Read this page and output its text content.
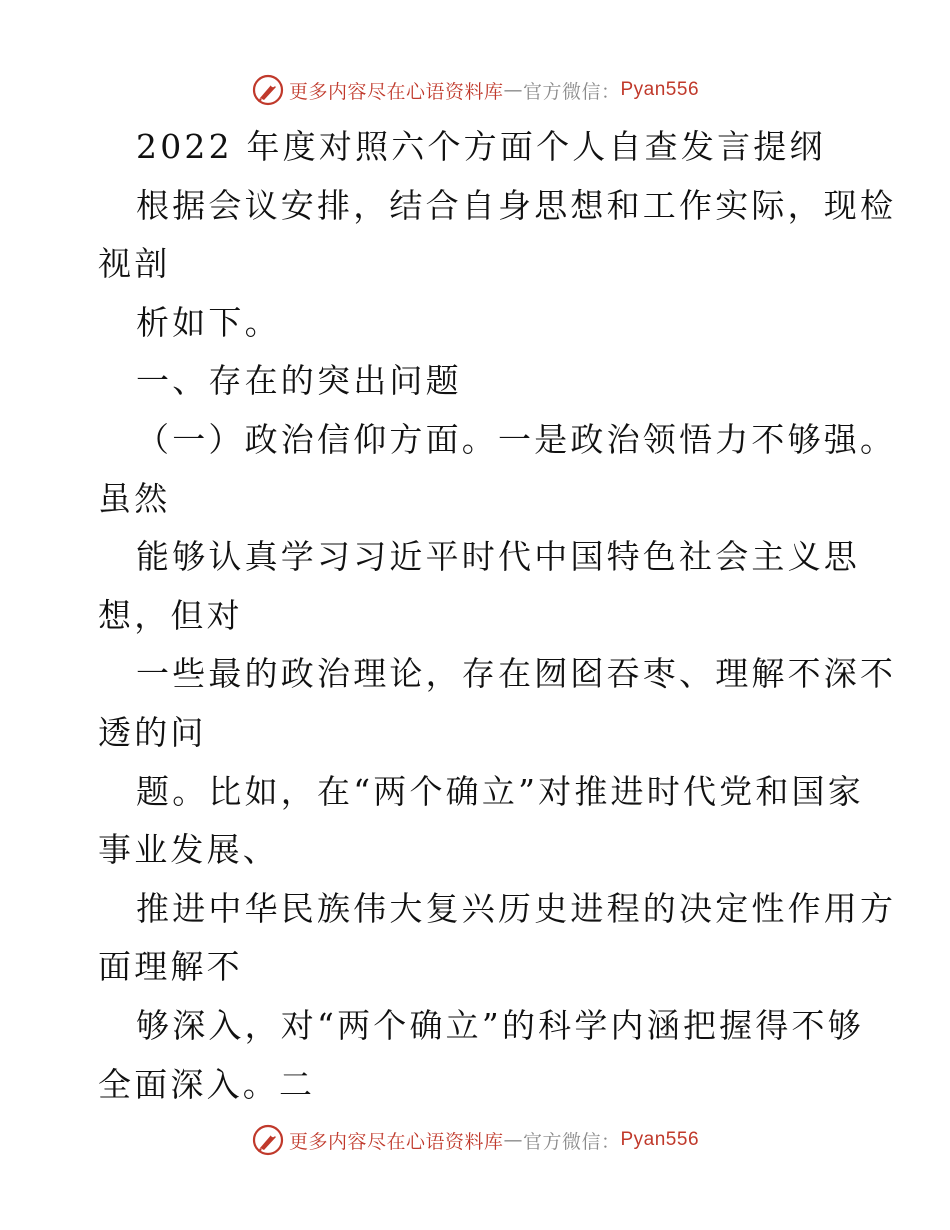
更多内容尽在心语资料库 — 官方微信： Pyan556
2022 年度对照六个方面个人自查发言提纲
根据会议安排，结合自身思想和工作实际，现检
视剖
析如下。
一、存在的突出问题
（一）政治信仰方面。一是政治领悟力不够强。
虽然
能够认真学习习近平时代中国特色社会主义思
想，但对
一些最的政治理论，存在囫囵吞枣、理解不深不
透的问
题。比如，在“两个确立”对推进时代党和国家
事业发展、
推进中华民族伟大复兴历史进程的决定性作用方
面理解不
够深入，对“两个确立”的科学内涵把握得不够
全面深入。二
更多内容尽在心语资料库 — 官方微信： Pyan556
